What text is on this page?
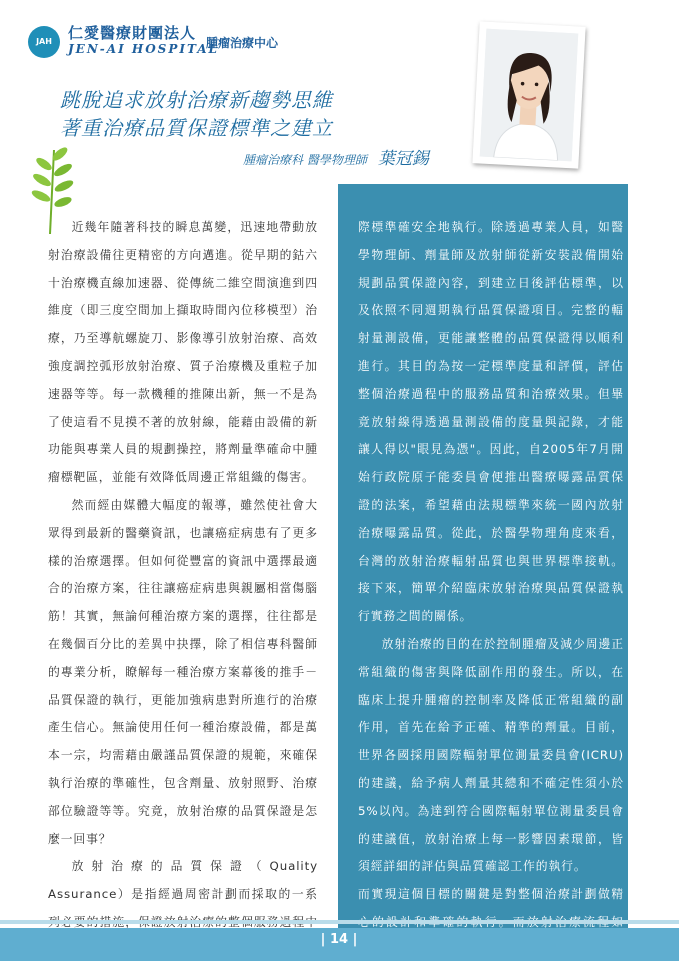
JAH	仁愛醫療財團法人
JEN-AI HOSPITAL
腫瘤治療中心
跳脫追求放射治療新趨勢思維
著重治療品質保證標準之建立
腫瘤治療科 醫學物理師 葉冠錫

近幾年隨著科技的瞬息萬變，迅速地帶動放射治療設備往更精密的方向邁進。從早期的鈷六十治療機直線加速器、從傳統二維空間演進到四維度（即三度空間加上擷取時間內位移模型）治療，乃至導航螺旋刀、影像導引放射治療、高效強度調控弧形放射治療、質子治療機及重粒子加速器等等。每一款機種的推陳出新，無一不是為了使這看不見摸不著的放射線，能藉由設備的新功能與專業人員的規劃操控，將劑量準確命中腫瘤標靶區，並能有效降低周邊正常組織的傷害。

然而經由媒體大幅度的報導，雖然使社會大眾得到最新的醫藥資訊，也讓癌症病患有了更多樣的治療選擇。但如何從豐富的資訊中選擇最適合的治療方案，往往讓癌症病患與親屬相當傷腦筋！其實，無論何種治療方案的選擇，往往都是在幾個百分比的差異中抉擇，除了相信專科醫師的專業分析，瞭解每一種治療方案幕後的推手－品質保證的執行，更能加強病患對所進行的治療產生信心。無論使用任何一種治療設備，都是萬本一宗，均需藉由嚴謹品質保證的規範，來確保執行治療的準確性，包含劑量、放射照野、治療部位驗證等等。究竟，放射治療的品質保證是怎麼一回事？

放射治療的品質保證（Quality Assurance）是指經過周密計劃而採取的一系

際標準確安全地執行。除透過專業人員，如醫學物理師、劑量師及放射師從新安裝設備開始規劃品質保證內容，到建立日後評估標準，以及依照不同週期執行品質保證項目。完整的輻射量測設備，更能讓整體的品質保證得以順利進行。其目的為按一定標準度量和評價，評估整個治療過程中的服務品質和治療效果。但畢竟放射線得透過量測設備的度量與記錄，才能讓人得以"眼見為憑"。因此，自2005年7月開始行政院原子能委員會便推出醫療曝露品質保證的法案，希望藉由法規標準來統一國內放射治療曝露品質。從此，於醫學物理角度來看，台灣的放射治療輻射品質也與世界標準接軌。接下來，簡單介紹臨床放射治療與品質保證執行實務之間的關係。

放射治療的目的在於控制腫瘤及減少周邊正常組織的傷害與降低副作用的發生。所以，在臨床上提升腫瘤的控制率及降低正常組織的副作用，首先在給予正確、精準的劑量。目前，世界各國採用國際輻射單位測量委員會(ICRU)的建議，給予病人劑量其總和不確定性須小於5%以內。為達到符合國際輻射單位測量委員會的建議值，放射治療上每一影響因素環節，皆須經詳細的評估與品質確認工作的執行。

而實現這個目標的關鍵是對整個治療計劃做精

| 14 |
